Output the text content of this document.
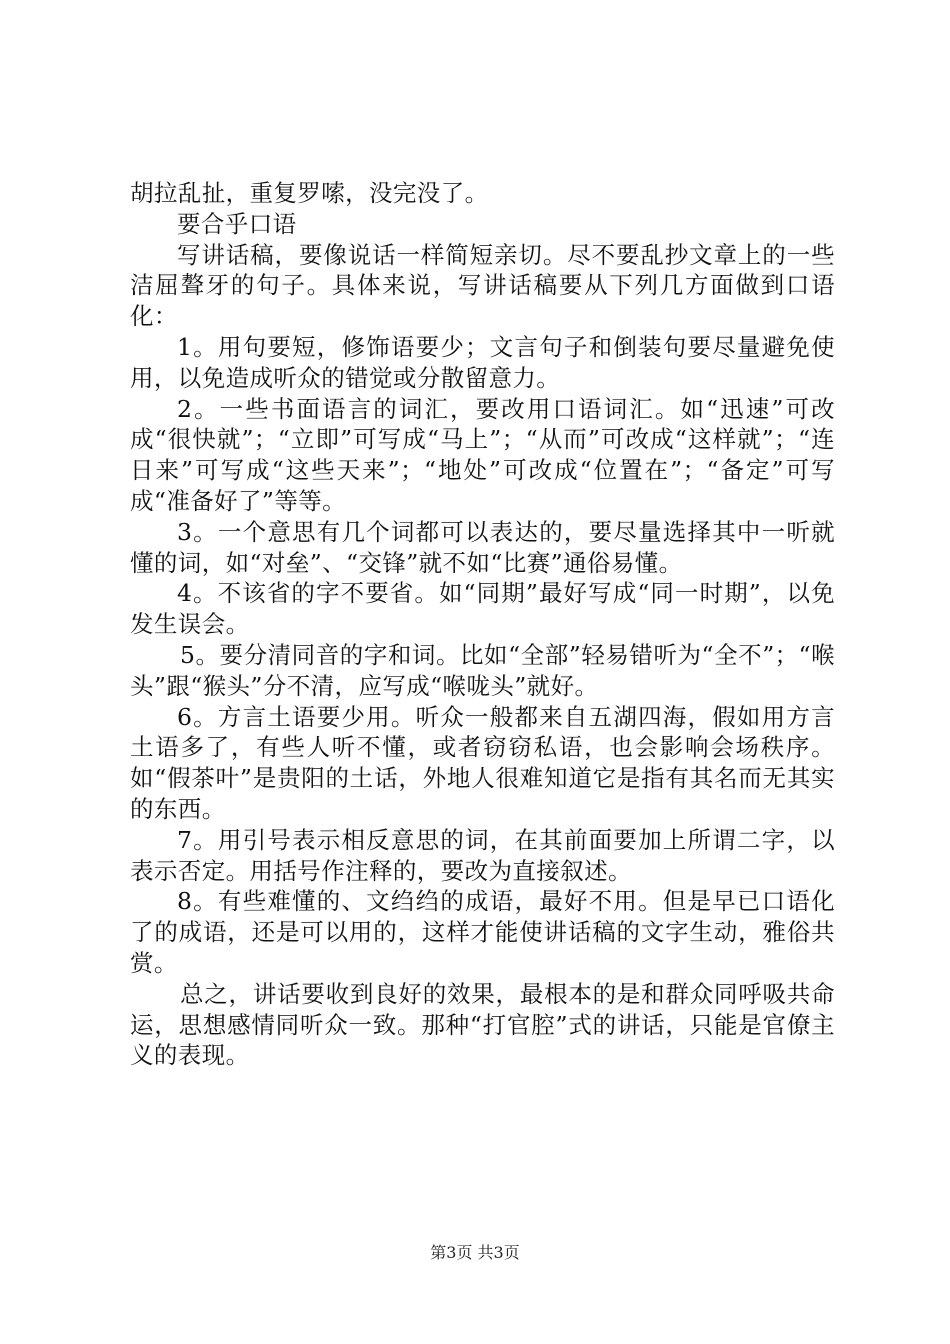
胡拉乱扯，重复罗嗦，没完没了。

要合乎口语

写讲话稿，要像说话一样简短亲切。尽不要乱抄文章上的一些洁屈聱牙的句子。具体来说，写讲话稿要从下列几方面做到口语化：

1。用句要短，修饰语要少；文言句子和倒装句要尽量避免使用，以免造成听众的错觉或分散留意力。

2。一些书面语言的词汇，要改用口语词汇。如“迅速”可改成“很快就”；“立即”可写成“马上”；“从而”可改成“这样就”；“连日来”可写成“这些天来”；“地处”可改成“位置在”；“备定”可写成“准备好了”等等。

3。一个意思有几个词都可以表达的，要尽量选择其中一听就懂的词，如“对垒”、“交锋”就不如“比赛”通俗易懂。

4。不该省的字不要省。如“同期”最好写成“同一时期”，以免发生误会。

5。要分清同音的字和词。比如“全部”轻易错听为“全不”；“喉头”跟“猴头”分不清，应写成“喉咙头”就好。

6。方言土语要少用。听众一般都来自五湖四海，假如用方言土语多了，有些人听不懂，或者窃窃私语，也会影响会场秩序。如“假茶叶”是贵阳的土话，外地人很难知道它是指有其名而无其实的东西。

7。用引号表示相反意思的词，在其前面要加上所谓二字，以表示否定。用括号作注释的，要改为直接叙述。

8。有些难懂的、文绉绉的成语，最好不用。但是早已口语化了的成语，还是可以用的，这样才能使讲话稿的文字生动，雅俗共赏。

总之，讲话要收到良好的效果，最根本的是和群众同呼吸共命运，思想感情同听众一致。那种“打官腔”式的讲话，只能是官僚主义的表现。

第3页 共3页
